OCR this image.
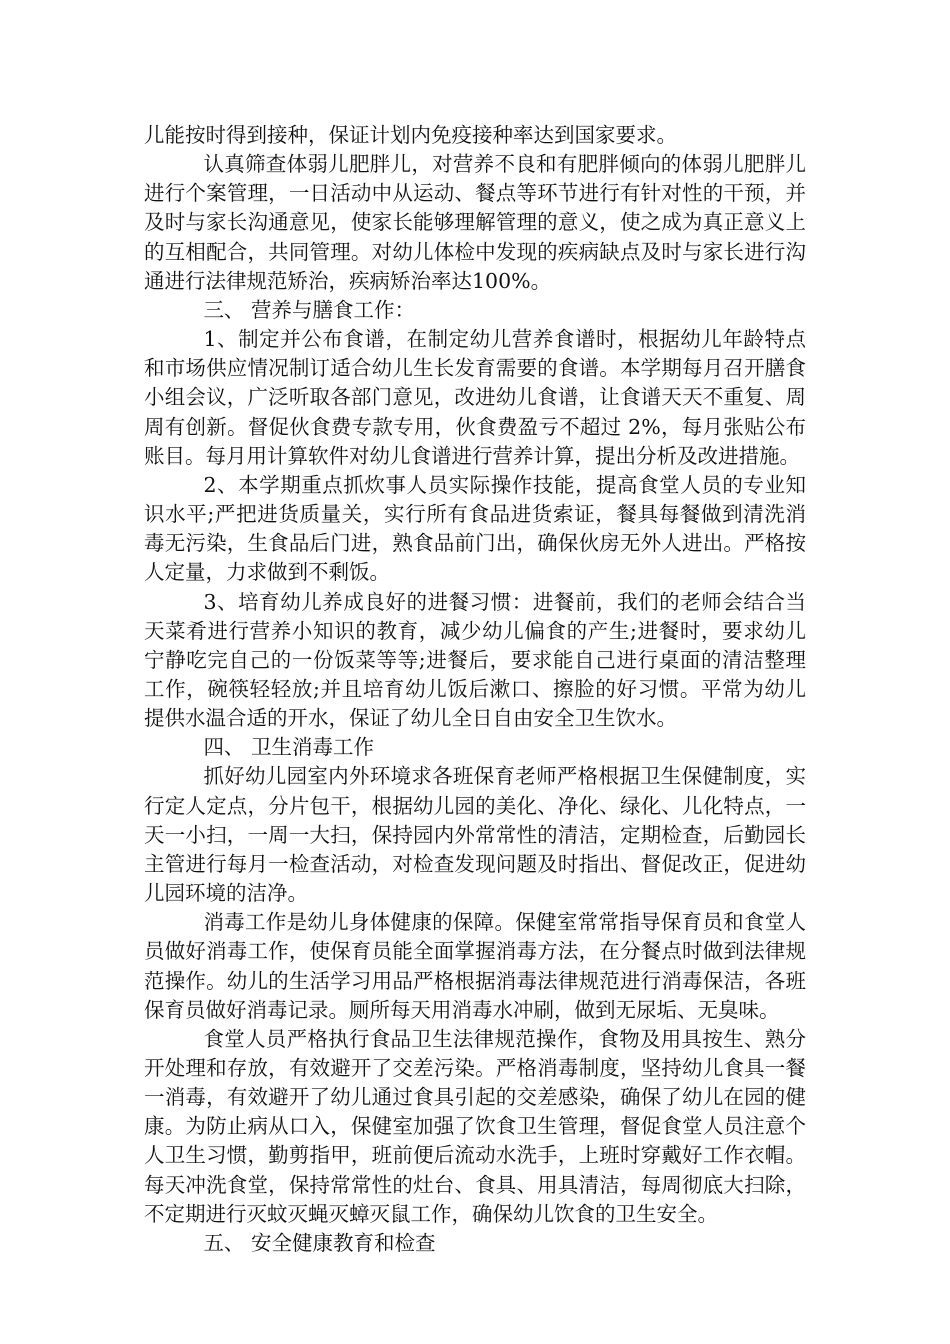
儿能按时得到接种，保证计划内免疫接种率达到国家要求。

认真筛查体弱儿肥胖儿，对营养不良和有肥胖倾向的体弱儿肥胖儿进行个案管理，一日活动中从运动、餐点等环节进行有针对性的干预，并及时与家长沟通意见，使家长能够理解管理的意义，使之成为真正意义上的互相配合，共同管理。对幼儿体检中发现的疾病缺点及时与家长进行沟通进行法律规范矫治，疾病矫治率达100%。

三、 营养与膳食工作：

1、制定并公布食谱，在制定幼儿营养食谱时，根据幼儿年龄特点和市场供应情况制订适合幼儿生长发育需要的食谱。本学期每月召开膳食小组会议，广泛听取各部门意见，改进幼儿食谱，让食谱天天不重复、周周有创新。督促伙食费专款专用，伙食费盈亏不超过 2%，每月张贴公布账目。每月用计算软件对幼儿食谱进行营养计算，提出分析及改进措施。

2、本学期重点抓炊事人员实际操作技能，提高食堂人员的专业知识水平;严把进货质量关，实行所有食品进货索证，餐具每餐做到清洗消毒无污染，生食品后门进，熟食品前门出，确保伙房无外人进出。严格按人定量，力求做到不剩饭。

3、培育幼儿养成良好的进餐习惯：进餐前，我们的老师会结合当天菜肴进行营养小知识的教育，减少幼儿偏食的产生;进餐时，要求幼儿宁静吃完自己的一份饭菜等等;进餐后，要求能自己进行桌面的清洁整理工作，碗筷轻轻放;并且培育幼儿饭后漱口、擦脸的好习惯。平常为幼儿提供水温合适的开水，保证了幼儿全日自由安全卫生饮水。

四、 卫生消毒工作

抓好幼儿园室内外环境求各班保育老师严格根据卫生保健制度，实行定人定点，分片包干，根据幼儿园的美化、净化、绿化、儿化特点，一天一小扫，一周一大扫，保持园内外常常性的清洁，定期检查，后勤园长主管进行每月一检查活动，对检查发现问题及时指出、督促改正，促进幼儿园环境的洁净。

消毒工作是幼儿身体健康的保障。保健室常常指导保育员和食堂人员做好消毒工作，使保育员能全面掌握消毒方法，在分餐点时做到法律规范操作。幼儿的生活学习用品严格根据消毒法律规范进行消毒保洁，各班保育员做好消毒记录。厕所每天用消毒水冲刷，做到无尿垢、无臭味。

食堂人员严格执行食品卫生法律规范操作，食物及用具按生、熟分开处理和存放，有效避开了交差污染。严格消毒制度，坚持幼儿食具一餐一消毒，有效避开了幼儿通过食具引起的交差感染，确保了幼儿在园的健康。为防止病从口入，保健室加强了饮食卫生管理，督促食堂人员注意个人卫生习惯，勤剪指甲，班前便后流动水洗手，上班时穿戴好工作衣帽。每天冲洗食堂，保持常常性的灶台、食具、用具清洁，每周彻底大扫除，不定期进行灭蚊灭蝇灭蟑灭鼠工作，确保幼儿饮食的卫生安全。

五、 安全健康教育和检查
